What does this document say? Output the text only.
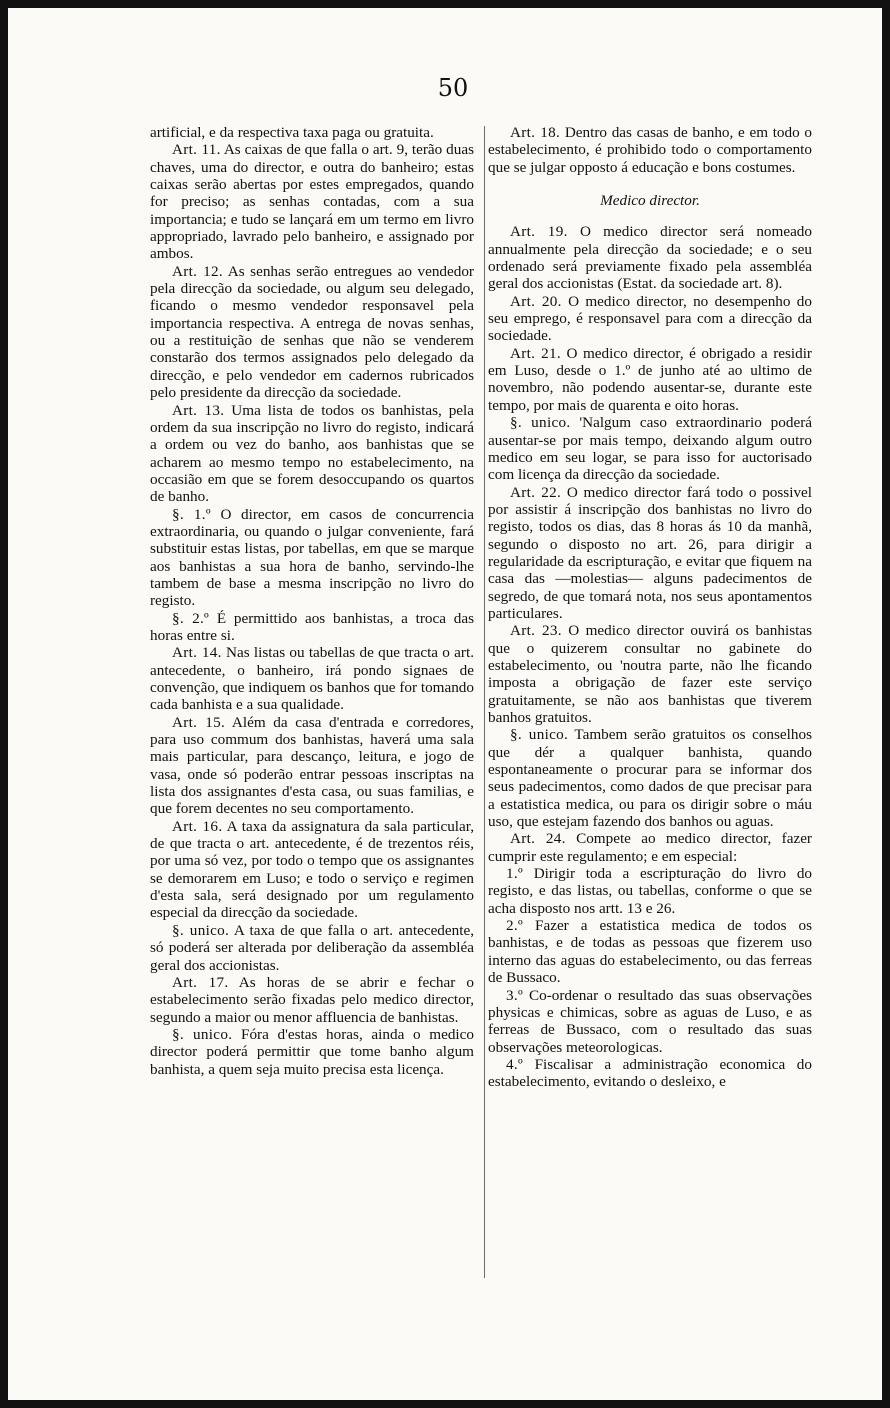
50

artificial, e da respectiva taxa paga ou gratuita.

Art. 11. As caixas de que falla o art. 9, terão duas chaves, uma do director, e outra do banheiro; estas caixas serão abertas por estes empregados, quando for preciso; as senhas contadas, com a sua importancia; e tudo se lançará em um termo em livro appropriado, lavrado pelo banheiro, e assignado por ambos.

Art. 12. As senhas serão entregues ao vendedor pela direcção da sociedade, ou algum seu delegado, ficando o mesmo vendedor responsavel pela importancia respectiva. A entrega de novas senhas, ou a restituição de senhas que não se venderem constarão dos termos assignados pelo delegado da direcção, e pelo vendedor em cadernos rubricados pelo presidente da direcção da sociedade.

Art. 13. Uma lista de todos os banhistas, pela ordem da sua inscripção no livro do registo, indicará a ordem ou vez do banho, aos banhistas que se acharem ao mesmo tempo no estabelecimento, na occasião em que se forem desoccupando os quartos de banho.

§. 1.º O director, em casos de concurrencia extraordinaria, ou quando o julgar conveniente, fará substituir estas listas, por tabellas, em que se marque aos banhistas a sua hora de banho, servindo-lhe tambem de base a mesma inscripção no livro do registo.

§. 2.º É permittido aos banhistas, a troca das horas entre si.

Art. 14. Nas listas ou tabellas de que tracta o art. antecedente, o banheiro, irá pondo signaes de convenção, que indiquem os banhos que for tomando cada banhista e a sua qualidade.

Art. 15. Além da casa d'entrada e corredores, para uso commum dos banhistas, haverá uma sala mais particular, para descanço, leitura, e jogo de vasa, onde só poderão entrar pessoas inscriptas na lista dos assignantes d'esta casa, ou suas familias, e que forem decentes no seu comportamento.

Art. 16. A taxa da assignatura da sala particular, de que tracta o art. antecedente, é de trezentos réis, por uma só vez, por todo o tempo que os assignantes se demorarem em Luso; e todo o serviço e regimen d'esta sala, será designado por um regulamento especial da direcção da sociedade.

§. unico. A taxa de que falla o art. antecedente, só poderá ser alterada por deliberação da assembléa geral dos accionistas.

Art. 17. As horas de se abrir e fechar o estabelecimento serão fixadas pelo medico director, segundo a maior ou menor affluencia de banhistas.

§. unico. Fóra d'estas horas, ainda o medico director poderá permittir que tome banho algum banhista, a quem seja muito precisa esta licença.

Art. 18. Dentro das casas de banho, e em todo o estabelecimento, é prohibido todo o comportamento que se julgar opposto á educação e bons costumes.

Medico director.

Art. 19. O medico director será nomeado annualmente pela direcção da sociedade; e o seu ordenado será previamente fixado pela assembléa geral dos accionistas (Estat. da sociedade art. 8).

Art. 20. O medico director, no desempenho do seu emprego, é responsavel para com a direcção da sociedade.

Art. 21. O medico director, é obrigado a residir em Luso, desde o 1.º de junho até ao ultimo de novembro, não podendo ausentar-se, durante este tempo, por mais de quarenta e oito horas.

§. unico. 'Nalgum caso extraordinario poderá ausentar-se por mais tempo, deixando algum outro medico em seu logar, se para isso for auctorisado com licença da direcção da sociedade.

Art. 22. O medico director fará todo o possivel por assistir á inscripção dos banhistas no livro do registo, todos os dias, das 8 horas ás 10 da manhã, segundo o disposto no art. 26, para dirigir a regularidade da escripturação, e evitar que fiquem na casa das —molestias— alguns padecimentos de segredo, de que tomará nota, nos seus apontamentos particulares.

Art. 23. O medico director ouvirá os banhistas que o quizerem consultar no gabinete do estabelecimento, ou 'noutra parte, não lhe ficando imposta a obrigação de fazer este serviço gratuitamente, se não aos banhistas que tiverem banhos gratuitos.

§. unico. Tambem serão gratuitos os conselhos que dér a qualquer banhista, quando espontaneamente o procurar para se informar dos seus padecimentos, como dados de que precisar para a estatistica medica, ou para os dirigir sobre o máu uso, que estejam fazendo dos banhos ou aguas.

Art. 24. Compete ao medico director, fazer cumprir este regulamento; e em especial:

1.º Dirigir toda a escripturação do livro do registo, e das listas, ou tabellas, conforme o que se acha disposto nos artt. 13 e 26.

2.º Fazer a estatistica medica de todos os banhistas, e de todas as pessoas que fizerem uso interno das aguas do estabelecimento, ou das ferreas de Bussaco.

3.º Co-ordenar o resultado das suas observações physicas e chimicas, sobre as aguas de Luso, e as ferreas de Bussaco, com o resultado das suas observações meteorologicas.

4.º Fiscalisar a administração economica do estabelecimento, evitando o desleixo, e
